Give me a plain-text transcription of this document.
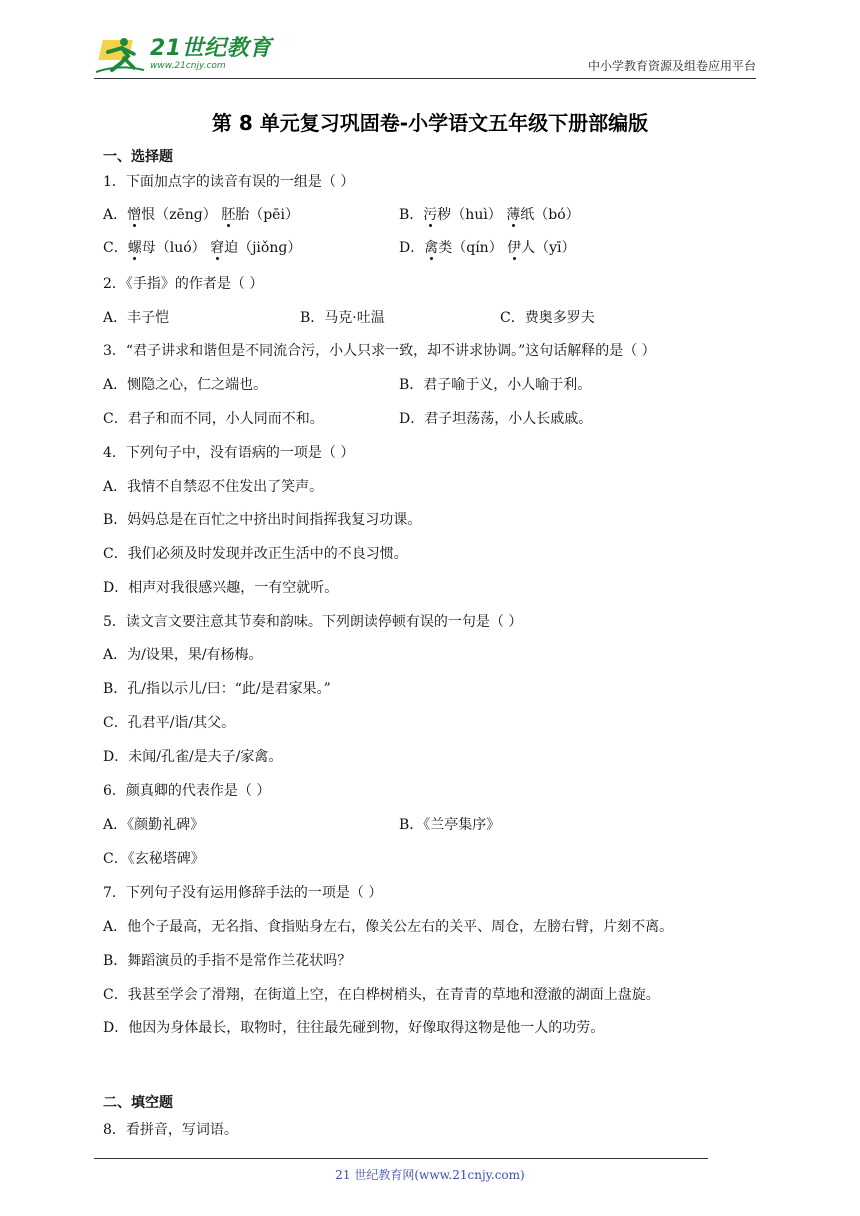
21世纪教育
www.21cnjy.com	中小学教育资源及组卷应用平台
第 8 单元复习巩固卷-小学语文五年级下册部编版
一、选择题
1．下面加点字的读音有误的一组是（ ）
A．憎恨（zēnɡ） 胚胎（pēi）	B．污秽（huì） 薄纸（bó）
C．螺母（luó） 窘迫（jiǒnɡ）	D．禽类（qín） 伊人（yī）
2．《手指》的作者是（ ）
A．丰子恺	B．马克·吐温	C．费奥多罗夫
3．“君子讲求和谐但是不同流合污，小人只求一致，却不讲求协调。”这句话解释的是（ ）
A．恻隐之心，仁之端也。	B．君子喻于义，小人喻于利。
C．君子和而不同，小人同而不和。	D．君子坦荡荡，小人长戚戚。
4．下列句子中，没有语病的一项是（ ）
A．我情不自禁忍不住发出了笑声。
B．妈妈总是在百忙之中挤出时间指挥我复习功课。
C．我们必须及时发现并改正生活中的不良习惯。
D．相声对我很感兴趣，一有空就听。
5．读文言文要注意其节奏和韵味。下列朗读停顿有误的一句是（ ）
A．为/设果，果/有杨梅。
B．孔/指以示儿/曰：“此/是君家果。”
C．孔君平/诣/其父。
D．未闻/孔雀/是夫子/家禽。
6．颜真卿的代表作是（ ）
A．《颜勤礼碑》	B．《兰亭集序》
C．《玄秘塔碑》
7．下列句子没有运用修辞手法的一项是（ ）
A．他个子最高，无名指、食指贴身左右，像关公左右的关平、周仓，左膀右臂，片刻不离。
B．舞蹈演员的手指不是常作兰花状吗？
C．我甚至学会了滑翔，在街道上空，在白桦树梢头，在青青的草地和澄澈的湖面上盘旋。
D．他因为身体最长，取物时，往往最先碰到物，好像取得这物是他一人的功劳。
二、填空题
8．看拼音，写词语。
21 世纪教育网(www.21cnjy.com)
